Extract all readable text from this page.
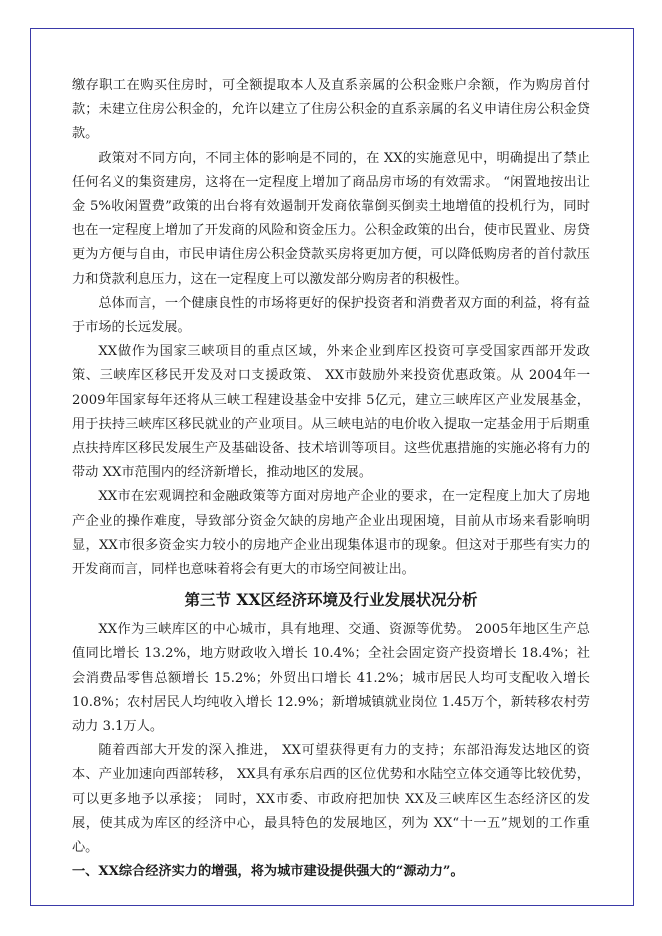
缴存职工在购买住房时，可全额提取本人及直系亲属的公积金账户余额，作为购房首付款；未建立住房公积金的，允许以建立了住房公积金的直系亲属的名义申请住房公积金贷款。

政策对不同方向，不同主体的影响是不同的，在 XX的实施意见中，明确提出了禁止任何名义的集资建房，这将在一定程度上增加了商品房市场的有效需求。 “闲置地按出让金 5%收闲置费”政策的出台将有效遏制开发商依靠倒买倒卖土地增值的投机行为，同时也在一定程度上增加了开发商的风险和资金压力。公积金政策的出台，使市民置业、房贷更为方便与自由，市民申请住房公积金贷款买房将更加方便，可以降低购房者的首付款压力和贷款利息压力，这在一定程度上可以激发部分购房者的积极性。

总体而言，一个健康良性的市场将更好的保护投资者和消费者双方面的利益，将有益于市场的长远发展。

XX做作为国家三峡项目的重点区域，外来企业到库区投资可享受国家西部开发政策、三峡库区移民开发及对口支援政策、 XX市鼓励外来投资优惠政策。从 2004年一2009年国家每年还将从三峡工程建设基金中安排 5亿元，建立三峡库区产业发展基金，用于扶持三峡库区移民就业的产业项目。从三峡电站的电价收入提取一定基金用于后期重点扶持库区移民发展生产及基础设备、技术培训等项目。这些优惠措施的实施必将有力的带动 XX市范围内的经济新增长，推动地区的发展。

XX市在宏观调控和金融政策等方面对房地产企业的要求，在一定程度上加大了房地产企业的操作难度，导致部分资金欠缺的房地产企业出现困境，目前从市场来看影响明显，XX市很多资金实力较小的房地产企业出现集体退市的现象。但这对于那些有实力的开发商而言，同样也意味着将会有更大的市场空间被让出。

第三节 XX区经济环境及行业发展状况分析

XX作为三峡库区的中心城市，具有地理、交通、资源等优势。 2005年地区生产总值同比增长 13.2%，地方财政收入增长 10.4%；全社会固定资产投资增长 18.4%；社会消费品零售总额增长 15.2%；外贸出口增长 41.2%；城市居民人均可支配收入增长 10.8%；农村居民人均纯收入增长 12.9%；新增城镇就业岗位 1.45万个，新转移农村劳动力 3.1万人。

随着西部大开发的深入推进， XX可望获得更有力的支持；东部沿海发达地区的资本、产业加速向西部转移， XX具有承东启西的区位优势和水陆空立体交通等比较优势，可以更多地予以承接； 同时，XX市委、市政府把加快 XX及三峡库区生态经济区的发展，使其成为库区的经济中心，最具特色的发展地区，列为 XX“十一五”规划的工作重心。

一、XX综合经济实力的增强，将为城市建设提供强大的“源动力”。
